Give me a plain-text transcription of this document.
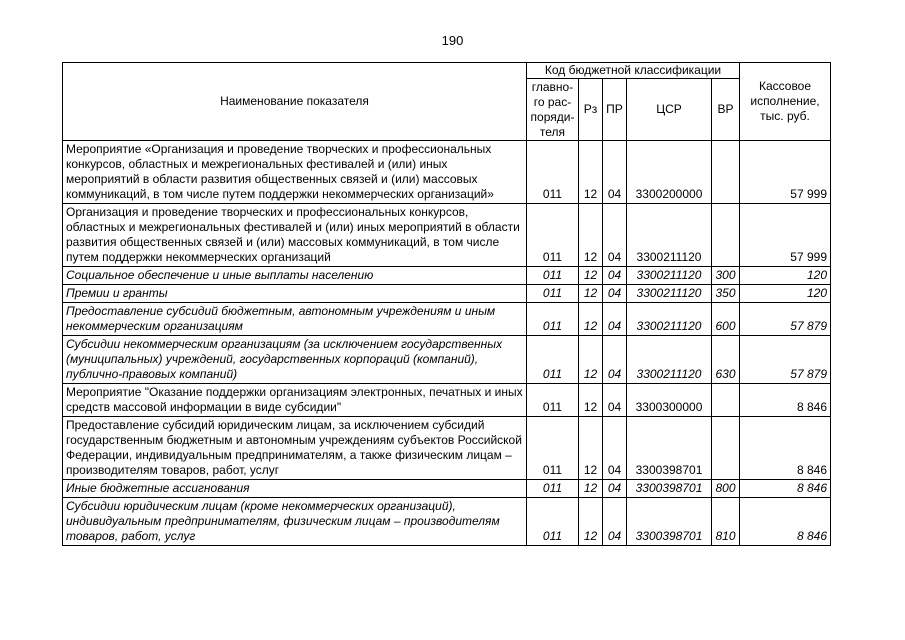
190
Наименование показателя	Код бюджетной классификации					Кассовое исполнение, тыс. руб.
	главно-го рас-поряди-теля	Рз	ПР	ЦСР	ВР	
Мероприятие «Организация и проведение творческих и профессиональных конкурсов, областных и межрегиональных фестивалей и (или) иных мероприятий в области развития общественных связей и (или) массовых коммуникаций, в том числе путем поддержки некоммерческих организаций»	011	12	04	3300200000		57 999
Организация и проведение творческих и профессиональных конкурсов, областных и межрегиональных фестивалей и (или) иных мероприятий в области развития общественных связей и (или) массовых коммуникаций, в том числе путем поддержки некоммерческих организаций	011	12	04	3300211120		57 999
Социальное обеспечение и иные выплаты населению	011	12	04	3300211120	300	120
Премии и гранты	011	12	04	3300211120	350	120
Предоставление субсидий бюджетным, автономным учреждениям и иным некоммерческим организациям	011	12	04	3300211120	600	57 879
Субсидии некоммерческим организациям (за исключением государственных (муниципальных) учреждений, государственных корпораций (компаний), публично-правовых компаний)	011	12	04	3300211120	630	57 879
Мероприятие "Оказание поддержки организациям электронных, печатных и иных средств массовой информации в виде субсидии"	011	12	04	3300300000		8 846
Предоставление субсидий юридическим лицам, за исключением субсидий государственным бюджетным и автономным учреждениям субъектов Российской Федерации, индивидуальным предпринимателям, а также физическим лицам – производителям товаров, работ, услуг	011	12	04	3300398701		8 846
Иные бюджетные ассигнования	011	12	04	3300398701	800	8 846
Субсидии юридическим лицам (кроме некоммерческих организаций), индивидуальным предпринимателям, физическим лицам – производителям товаров, работ, услуг	011	12	04	3300398701	810	8 846
